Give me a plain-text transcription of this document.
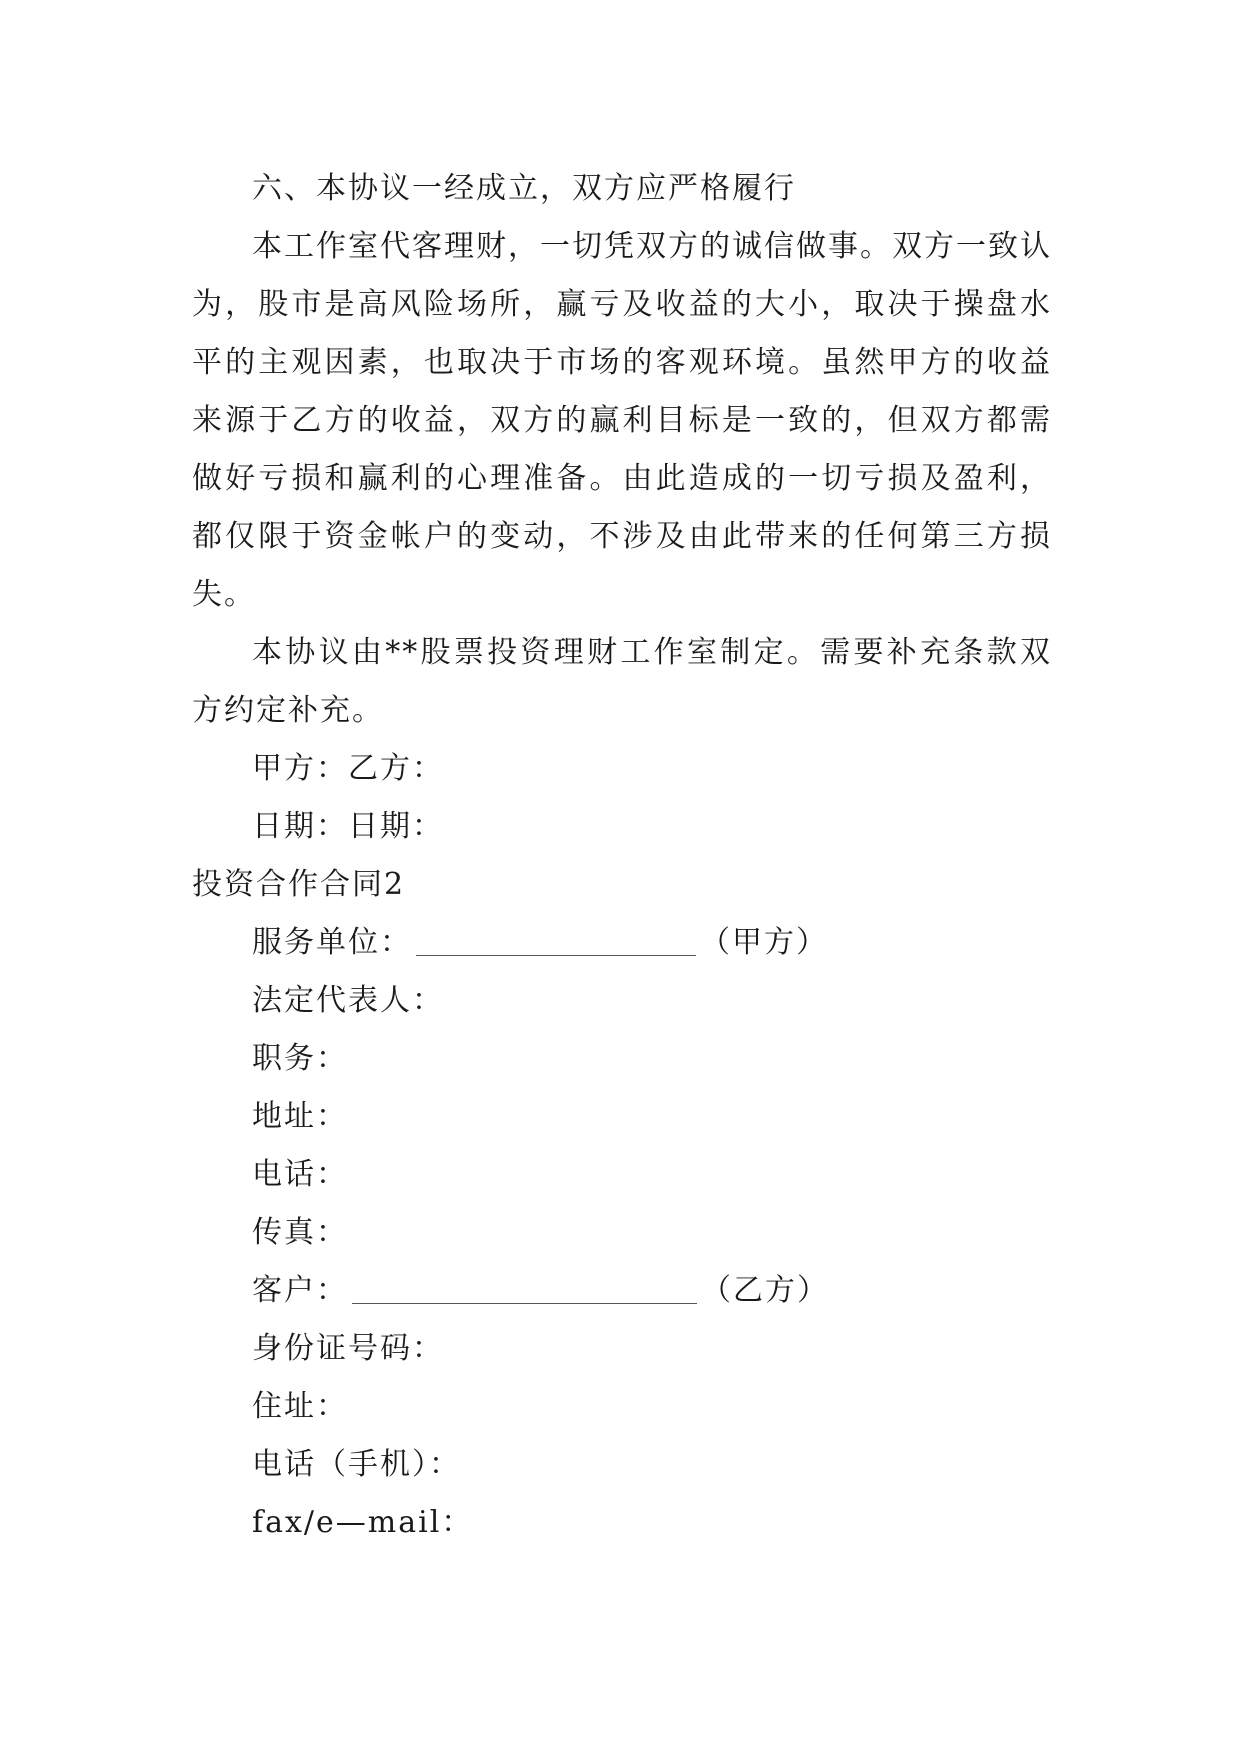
六、本协议一经成立，双方应严格履行

本工作室代客理财，一切凭双方的诚信做事。双方一致认为，股市是高风险场所，赢亏及收益的大小，取决于操盘水平的主观因素，也取决于市场的客观环境。虽然甲方的收益来源于乙方的收益，双方的赢利目标是一致的，但双方都需做好亏损和赢利的心理准备。由此造成的一切亏损及盈利，都仅限于资金帐户的变动，不涉及由此带来的任何第三方损失。

本协议由**股票投资理财工作室制定。需要补充条款双方约定补充。

甲方：乙方：

日期：日期：

投资合作合同2

服务单位：	（甲方）

法定代表人：

职务：

地址：

电话：

传真：

客户：	（乙方）

身份证号码：

住址：

电话（手机）：

fax/e—mail：
